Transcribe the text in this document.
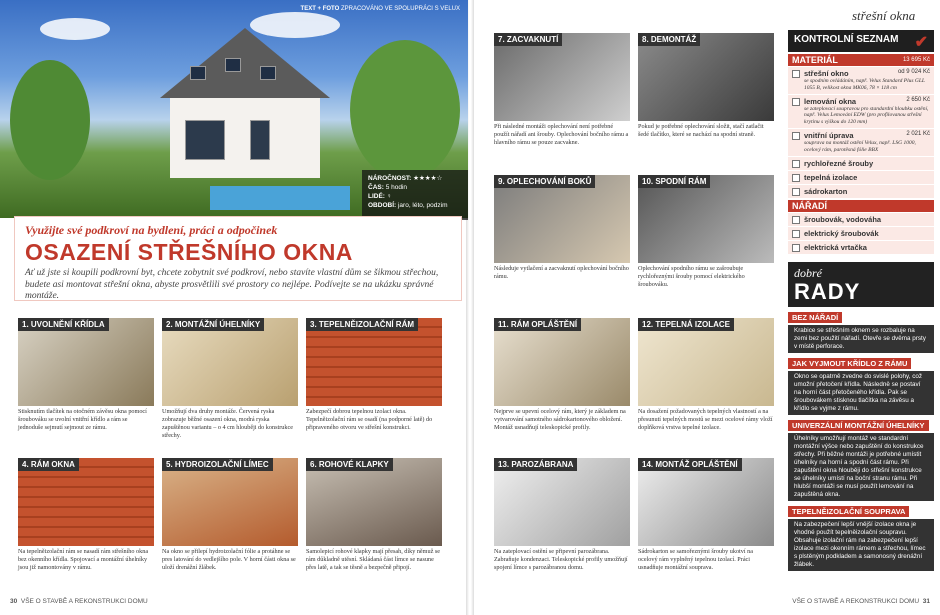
TEXT + FOTO ZPRACOVÁNO VE SPOLUPRÁCI S VELUX
NÁROČNOST: ★★★★☆
ČAS: 5 hodin
LIDÉ: ♀
OBDOBÍ: jaro, léto, podzim
Využijte své podkroví na bydlení, práci a odpočinek
OSAZENÍ STŘEŠNÍHO OKNA
Ať už jste si koupili podkrovní byt, chcete zobytnit své podkroví, nebo stavíte vlastní dům se šikmou střechou, budete asi montovat střešní okna, abyste prosvětlili své prostory co nejlépe. Podívejte se na ukázku správné montáže.
1. UVOLNĚNÍ KŘÍDLA
Stisknutím tlačítek na otočném závěsu okna pomocí šroubováku se uvolní vnitřní křídlo a rám se jednoduše sejmutí sejmout ze rámu.
2. MONTÁŽNÍ ÚHELNÍKY
Umožňují dva druhy montáže. Červená ryska zobrazuje běžné osazení okna, modrá ryska zapuštěnou variantu – o 4 cm hlouběji do konstrukce střechy.
3. TEPELNĚIZOLAČNÍ RÁM
Zabezpečí dobrou tepelnou izolaci okna. Tepelněizolační rám se osadí (na podporné latě) do připraveného otvoru ve střešní konstrukci.
4. RÁM OKNA
Na tepelněizolační rám se nasadí rám střešního okna bez okenního křídla. Spojovací a montážní úhelníky jsou již namontovány v rámu.
5. HYDROIZOLAČNÍ LÍMEC
Na okno se přilepí hydroizolační fólie a protáhne se pres latování do vedlejšího pole. V horní části okna se uloží drenážní žlábek.
6. ROHOVÉ KLAPKY
Samolepicí rohové klapky mají přesah, díky němuž se rám důkladně utěsní. Skládaná část límce se nasune přes latě, a tak se těsně a bezpečně připojí.
30 VŠE O STAVBĚ A REKONSTRUKCI DOMU
střešní okna
7. ZACVAKNUTÍ
Při následné montáži oplechování není potřebné použít nářadí ani šrouby. Oplechování bočního rámu a hlavního rámu se pouze zacvakne.
8. DEMONTÁŽ
Pokud je potřebné oplechování složit, stačí zatlačit šedé tlačítko, které se nachází na spodní straně.
9. OPLECHOVÁNÍ BOKŮ
Následuje vytlačení a zacvaknutí oplechování bočního rámu.
10. SPODNÍ RÁM
Oplechování spodního rámu se zašroubuje rychlořeznými šrouby pomocí elektrického šroubováku.
11. RÁM OPLÁŠTĚNÍ
Nejprve se upevní ocelový rám, který je základem na vytvarování samotného sádrokartonového obložení. Montáž usnadňují teleskopické profily.
12. TEPELNÁ IZOLACE
Na dosažení požadovaných tepelných vlastností a na přesunutí tepelných mostů se mezi ocelové rámy vloží doplňková vrstva tepelné izolace.
13. PAROZÁBRANA
Na zateplovací ostění se připevní parozábrana. Zabraňuje kondenzaci. Teleskopické profily umožňují spojení límce s parozábranou domu.
14. MONTÁŽ OPLÁŠTĚNÍ
Sádrokarton se samořeznými šrouby ukotví na ocelový rám vyplněný tepelnou izolací. Práci usnadňuje montážní souprava.
KONTROLNÍ SEZNAM ✔
MATERIÁL	13 695 Kč
střešní okno	od 9 024 Kč
se spodním ovládáním, např. Velux Standard Plus GLL 1055 B, velikost okna MK06, 78 × 118 cm
lemování okna	2 650 Kč
se zateplovací soupravou pro standardní hloubku ostění, např. Velux Lemování EDW (pro profilovanou střešní krytinu s výškou do 120 mm)
vnitřní úprava	2 021 Kč
souprava na montáž ostění Velux, např. LSG 1000, ocelový rám, parotěsná fólie BBX
rychlořezné šrouby
tepelná izolace
sádrokarton
NÁŘADÍ
šroubovák, vodováha
elektrický šroubovák
elektrická vrtačka
dobré
RADY
BEZ NÁŘADÍ
Krabice se střešním oknem se rozbaluje na zemi bez použití nářadí. Otevře se dvěma prsty v místě perforace.
JAK VYJMOUT KŘÍDLO Z RÁMU
Okno se opatrně zvedne do svislé polohy, což umožní přetočení křídla. Následně se postaví na horní část přetočeného křídla. Pak se šroubovákem stisknou tlačítka na závěsu a křídlo se vyjme z rámu.
UNIVERZÁLNÍ MONTÁŽNÍ ÚHELNÍKY
Úhelníky umožňují montáž ve standardní montážní výšce nebo zapuštění do konstrukce střechy. Při běžné montáži je potřebné umístit úhelníky na horní a spodní část rámu. Při zapuštění okna hlouběji do střešní konstrukce se úhelníky umístí na boční stranu rámu. Při hlubší montáži se musí použít lemování na zapuštěná okna.
TEPELNĚIZOLAČNÍ SOUPRAVA
Na zabezpečení lepší vnější izolace okna je vhodné použít tepelněizolační soupravu. Obsahuje izolační rám na zabezpečení lepší izolace mezi okenním rámem a střechou, límec s plstěným podkladem a samonosný drenážní žlábek.
VŠE O STAVBĚ A REKONSTRUKCI DOMU 31
